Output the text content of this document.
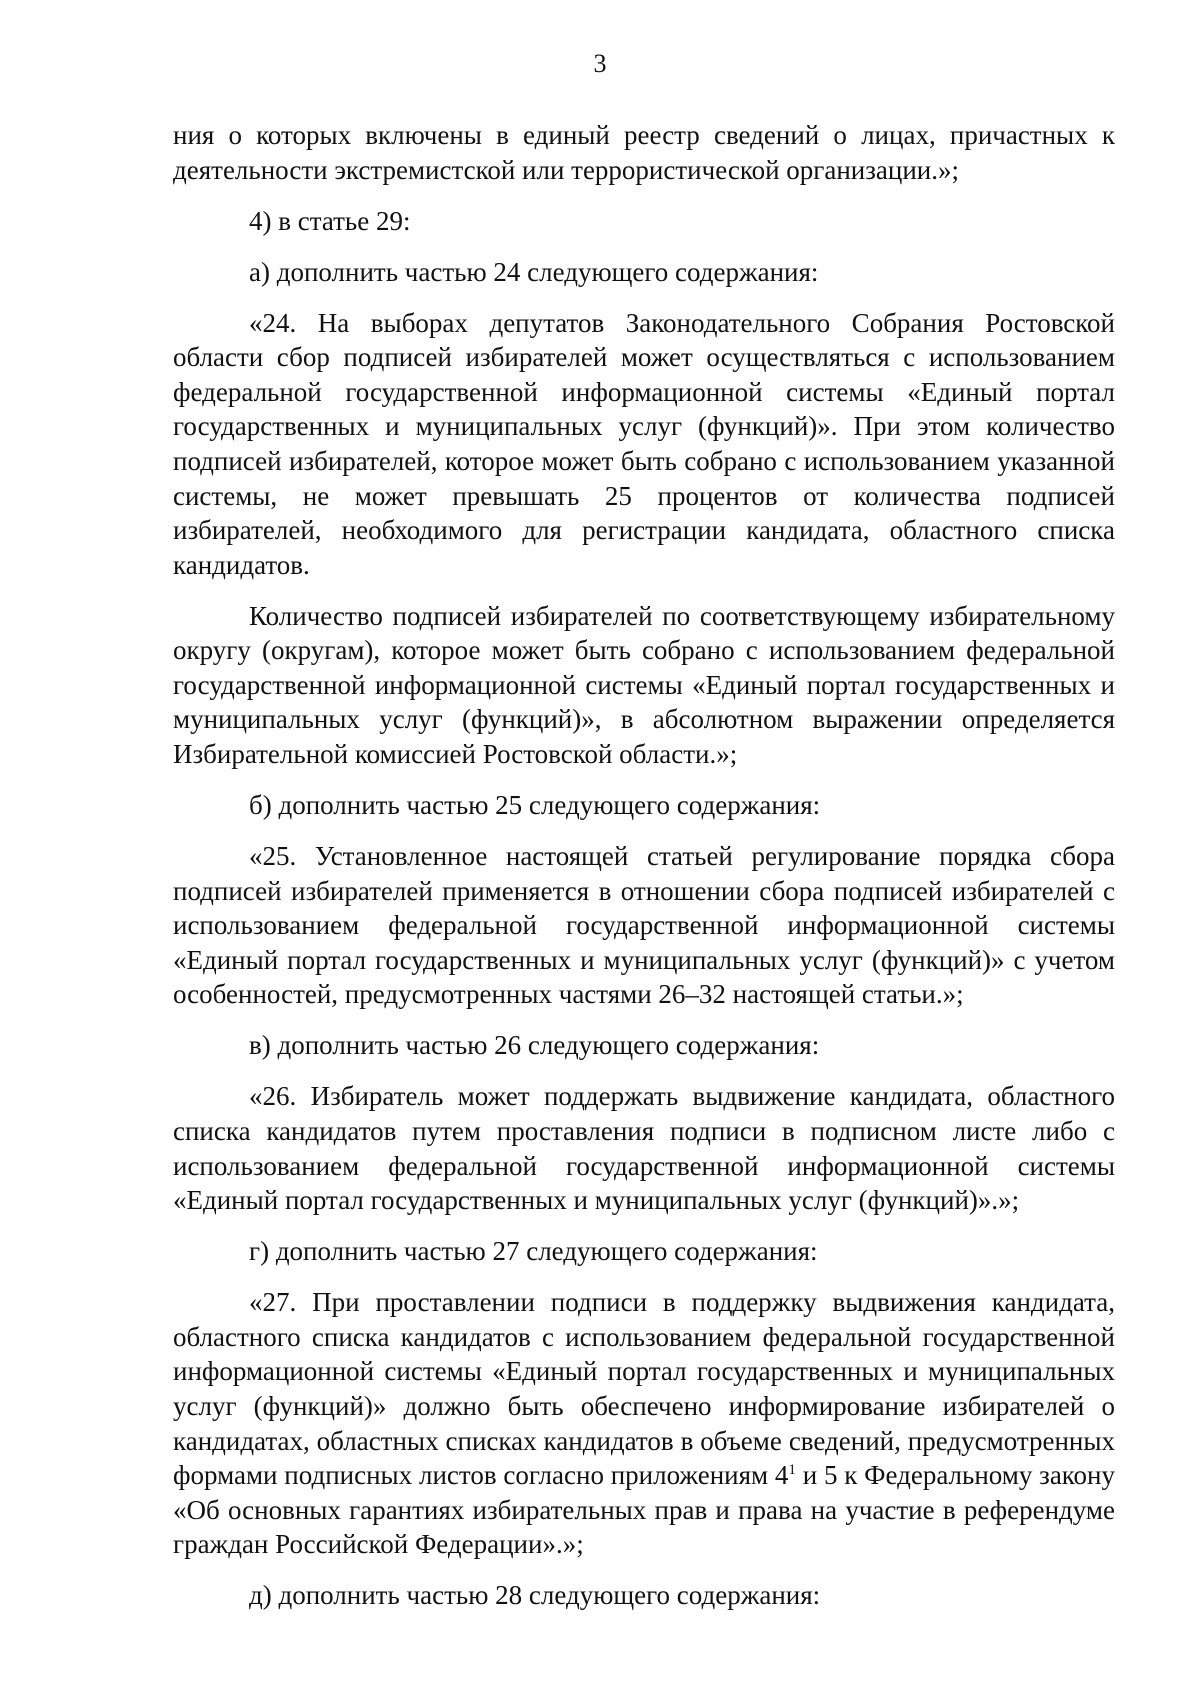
3

ния о которых включены в единый реестр сведений о лицах, причастных к деятельности экстремистской или террористической организации.»;

4) в статье 29:

а) дополнить частью 24 следующего содержания:

«24. На выборах депутатов Законодательного Собрания Ростовской области сбор подписей избирателей может осуществляться с использованием федеральной государственной информационной системы «Единый портал государственных и муниципальных услуг (функций)». При этом количество подписей избирателей, которое может быть собрано с использованием указанной системы, не может превышать 25 процентов от количества подписей избирателей, необходимого для регистрации кандидата, областного списка кандидатов.

Количество подписей избирателей по соответствующему избирательному округу (округам), которое может быть собрано с использованием федеральной государственной информационной системы «Единый портал государственных и муниципальных услуг (функций)», в абсолютном выражении определяется Избирательной комиссией Ростовской области.»;

б) дополнить частью 25 следующего содержания:

«25. Установленное настоящей статьей регулирование порядка сбора подписей избирателей применяется в отношении сбора подписей избирателей с использованием федеральной государственной информационной системы «Единый портал государственных и муниципальных услуг (функций)» с учетом особенностей, предусмотренных частями 26–32 настоящей статьи.»;

в) дополнить частью 26 следующего содержания:

«26. Избиратель может поддержать выдвижение кандидата, областного списка кандидатов путем проставления подписи в подписном листе либо с использованием федеральной государственной информационной системы «Единый портал государственных и муниципальных услуг (функций)».»;

г) дополнить частью 27 следующего содержания:

«27. При проставлении подписи в поддержку выдвижения кандидата, областного списка кандидатов с использованием федеральной государственной информационной системы «Единый портал государственных и муниципальных услуг (функций)» должно быть обеспечено информирование избирателей о кандидатах, областных списках кандидатов в объеме сведений, предусмотренных формами подписных листов согласно приложениям $4^1$ и 5 к Федеральному закону «Об основных гарантиях избирательных прав и права на участие в референдуме граждан Российской Федерации».»;

д) дополнить частью 28 следующего содержания:
